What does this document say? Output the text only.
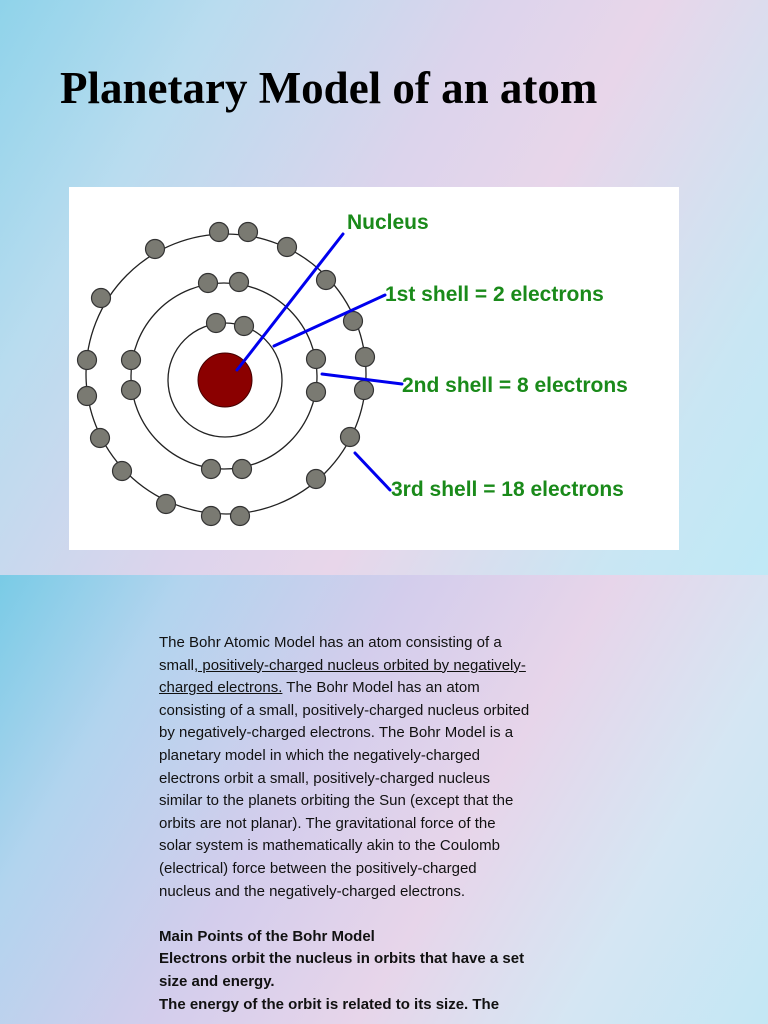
Planetary Model of an atom
Nucleus
1st shell = 2 electrons
2nd shell = 8 electrons
3rd shell = 18 electrons
The Bohr Atomic Model has an atom consisting of a
small, positively-charged nucleus orbited by negatively-
charged electrons. The Bohr Model has an atom
consisting of a small, positively-charged nucleus orbited
by negatively-charged electrons. The Bohr Model is a
planetary model in which the negatively-charged
electrons orbit a small, positively-charged nucleus
similar to the planets orbiting the Sun (except that the
orbits are not planar). The gravitational force of the
solar system is mathematically akin to the Coulomb
(electrical) force between the positively-charged
nucleus and the negatively-charged electrons.
Main Points of the Bohr Model
Electrons orbit the nucleus in orbits that have a set
size and energy.
The energy of the orbit is related to its size. The
